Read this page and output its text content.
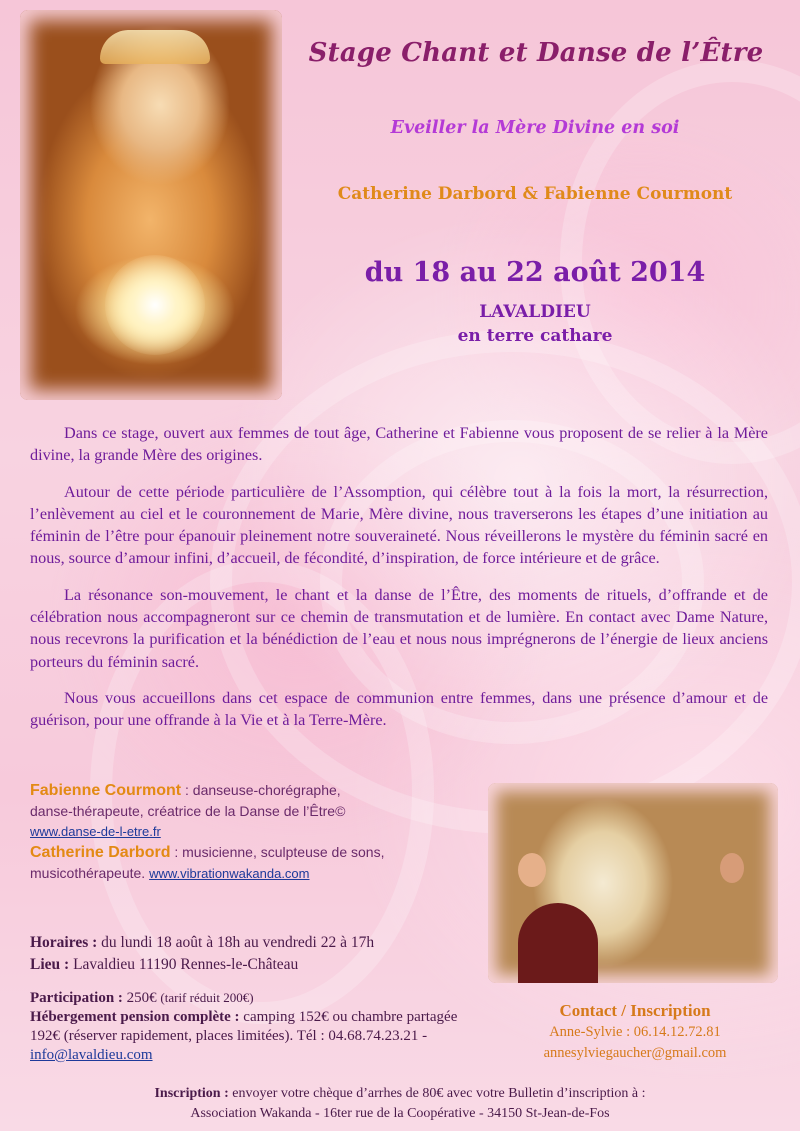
Stage Chant et Danse de l’Être
Eveiller la Mère Divine en soi
Catherine Darbord & Fabienne Courmont
du 18 au 22 août 2014
LAVALDIEU
en terre cathare

Dans ce stage, ouvert aux femmes de tout âge, Catherine et Fabienne vous proposent de se relier à la Mère divine, la grande Mère des origines.

Autour de cette période particulière de l’Assomption, qui célèbre tout à la fois la mort, la résurrection, l’enlèvement au ciel et le couronnement de Marie, Mère divine, nous traverserons les étapes d’une initiation au féminin de l’être pour épanouir pleinement notre souveraineté. Nous réveillerons le mystère du féminin sacré en nous, source d’amour infini, d’accueil, de fécondité, d’inspiration, de force intérieure et de grâce.

La résonance son-mouvement, le chant et la danse de l’Être, des moments de rituels, d’offrande et de célébration nous accompagneront sur ce chemin de transmutation et de lumière. En contact avec Dame Nature, nous recevrons la purification et la bénédiction de l’eau et nous nous imprégnerons de l’énergie de lieux anciens porteurs du féminin sacré.

Nous vous accueillons dans cet espace de communion entre femmes, dans une présence d’amour et de guérison, pour une offrande à la Vie et à la Terre-Mère.

Fabienne Courmont : danseuse-chorégraphe,
danse-thérapeute, créatrice de la Danse de l’Être©
www.danse-de-l-etre.fr
Catherine Darbord : musicienne, sculpteuse de sons,
musicothérapeute. www.vibrationwakanda.com
Horaires : du lundi 18 août à 18h au vendredi 22 à 17h
Lieu : Lavaldieu 11190 Rennes-le-Château
Participation : 250€ (tarif réduit 200€)
Hébergement pension complète : camping 152€ ou chambre partagée 192€ (réserver rapidement, places limitées). Tél : 04.68.74.23.21 - info@lavaldieu.com
Contact / Inscription
Anne-Sylvie : 06.14.12.72.81
annesylviegaucher@gmail.com
Inscription : envoyer votre chèque d’arrhes de 80€ avec votre Bulletin d’inscription à :
Association Wakanda - 16ter rue de la Coopérative - 34150 St-Jean-de-Fos
